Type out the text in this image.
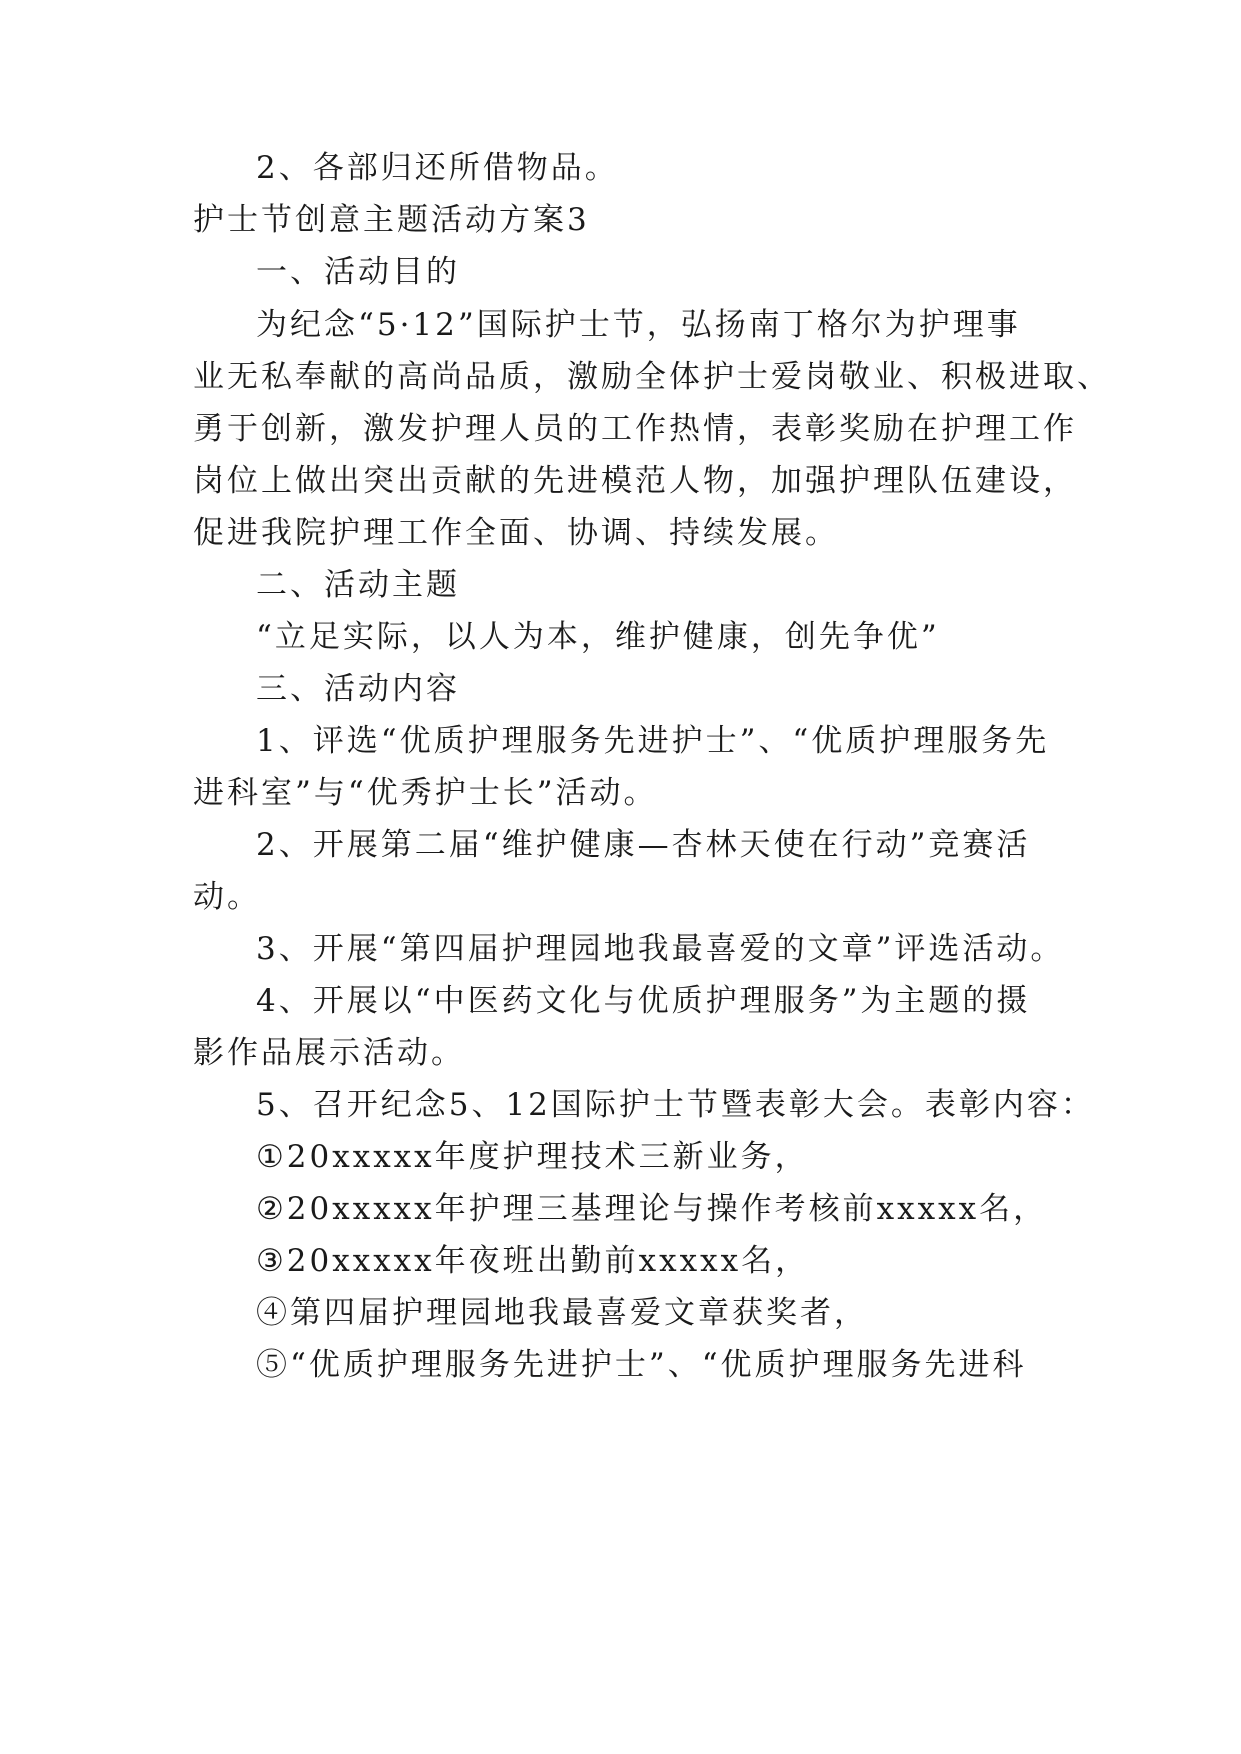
2、各部归还所借物品。
护士节创意主题活动方案3
一、活动目的
为纪念“5·12”国际护士节，弘扬南丁格尔为护理事
业无私奉献的高尚品质，激励全体护士爱岗敬业、积极进取、
勇于创新，激发护理人员的工作热情，表彰奖励在护理工作
岗位上做出突出贡献的先进模范人物，加强护理队伍建设，
促进我院护理工作全面、协调、持续发展。
二、活动主题
“立足实际，以人为本，维护健康，创先争优”
三、活动内容
1、评选“优质护理服务先进护士”、“优质护理服务先
进科室”与“优秀护士长”活动。
2、开展第二届“维护健康—杏林天使在行动”竞赛活
动。
3、开展“第四届护理园地我最喜爱的文章”评选活动。
4、开展以“中医药文化与优质护理服务”为主题的摄
影作品展示活动。
5、召开纪念5、12国际护士节暨表彰大会。表彰内容：
①20xxxxx年度护理技术三新业务，
②20xxxxx年护理三基理论与操作考核前xxxxx名，
③20xxxxx年夜班出勤前xxxxx名，
④第四届护理园地我最喜爱文章获奖者，
⑤“优质护理服务先进护士”、“优质护理服务先进科
